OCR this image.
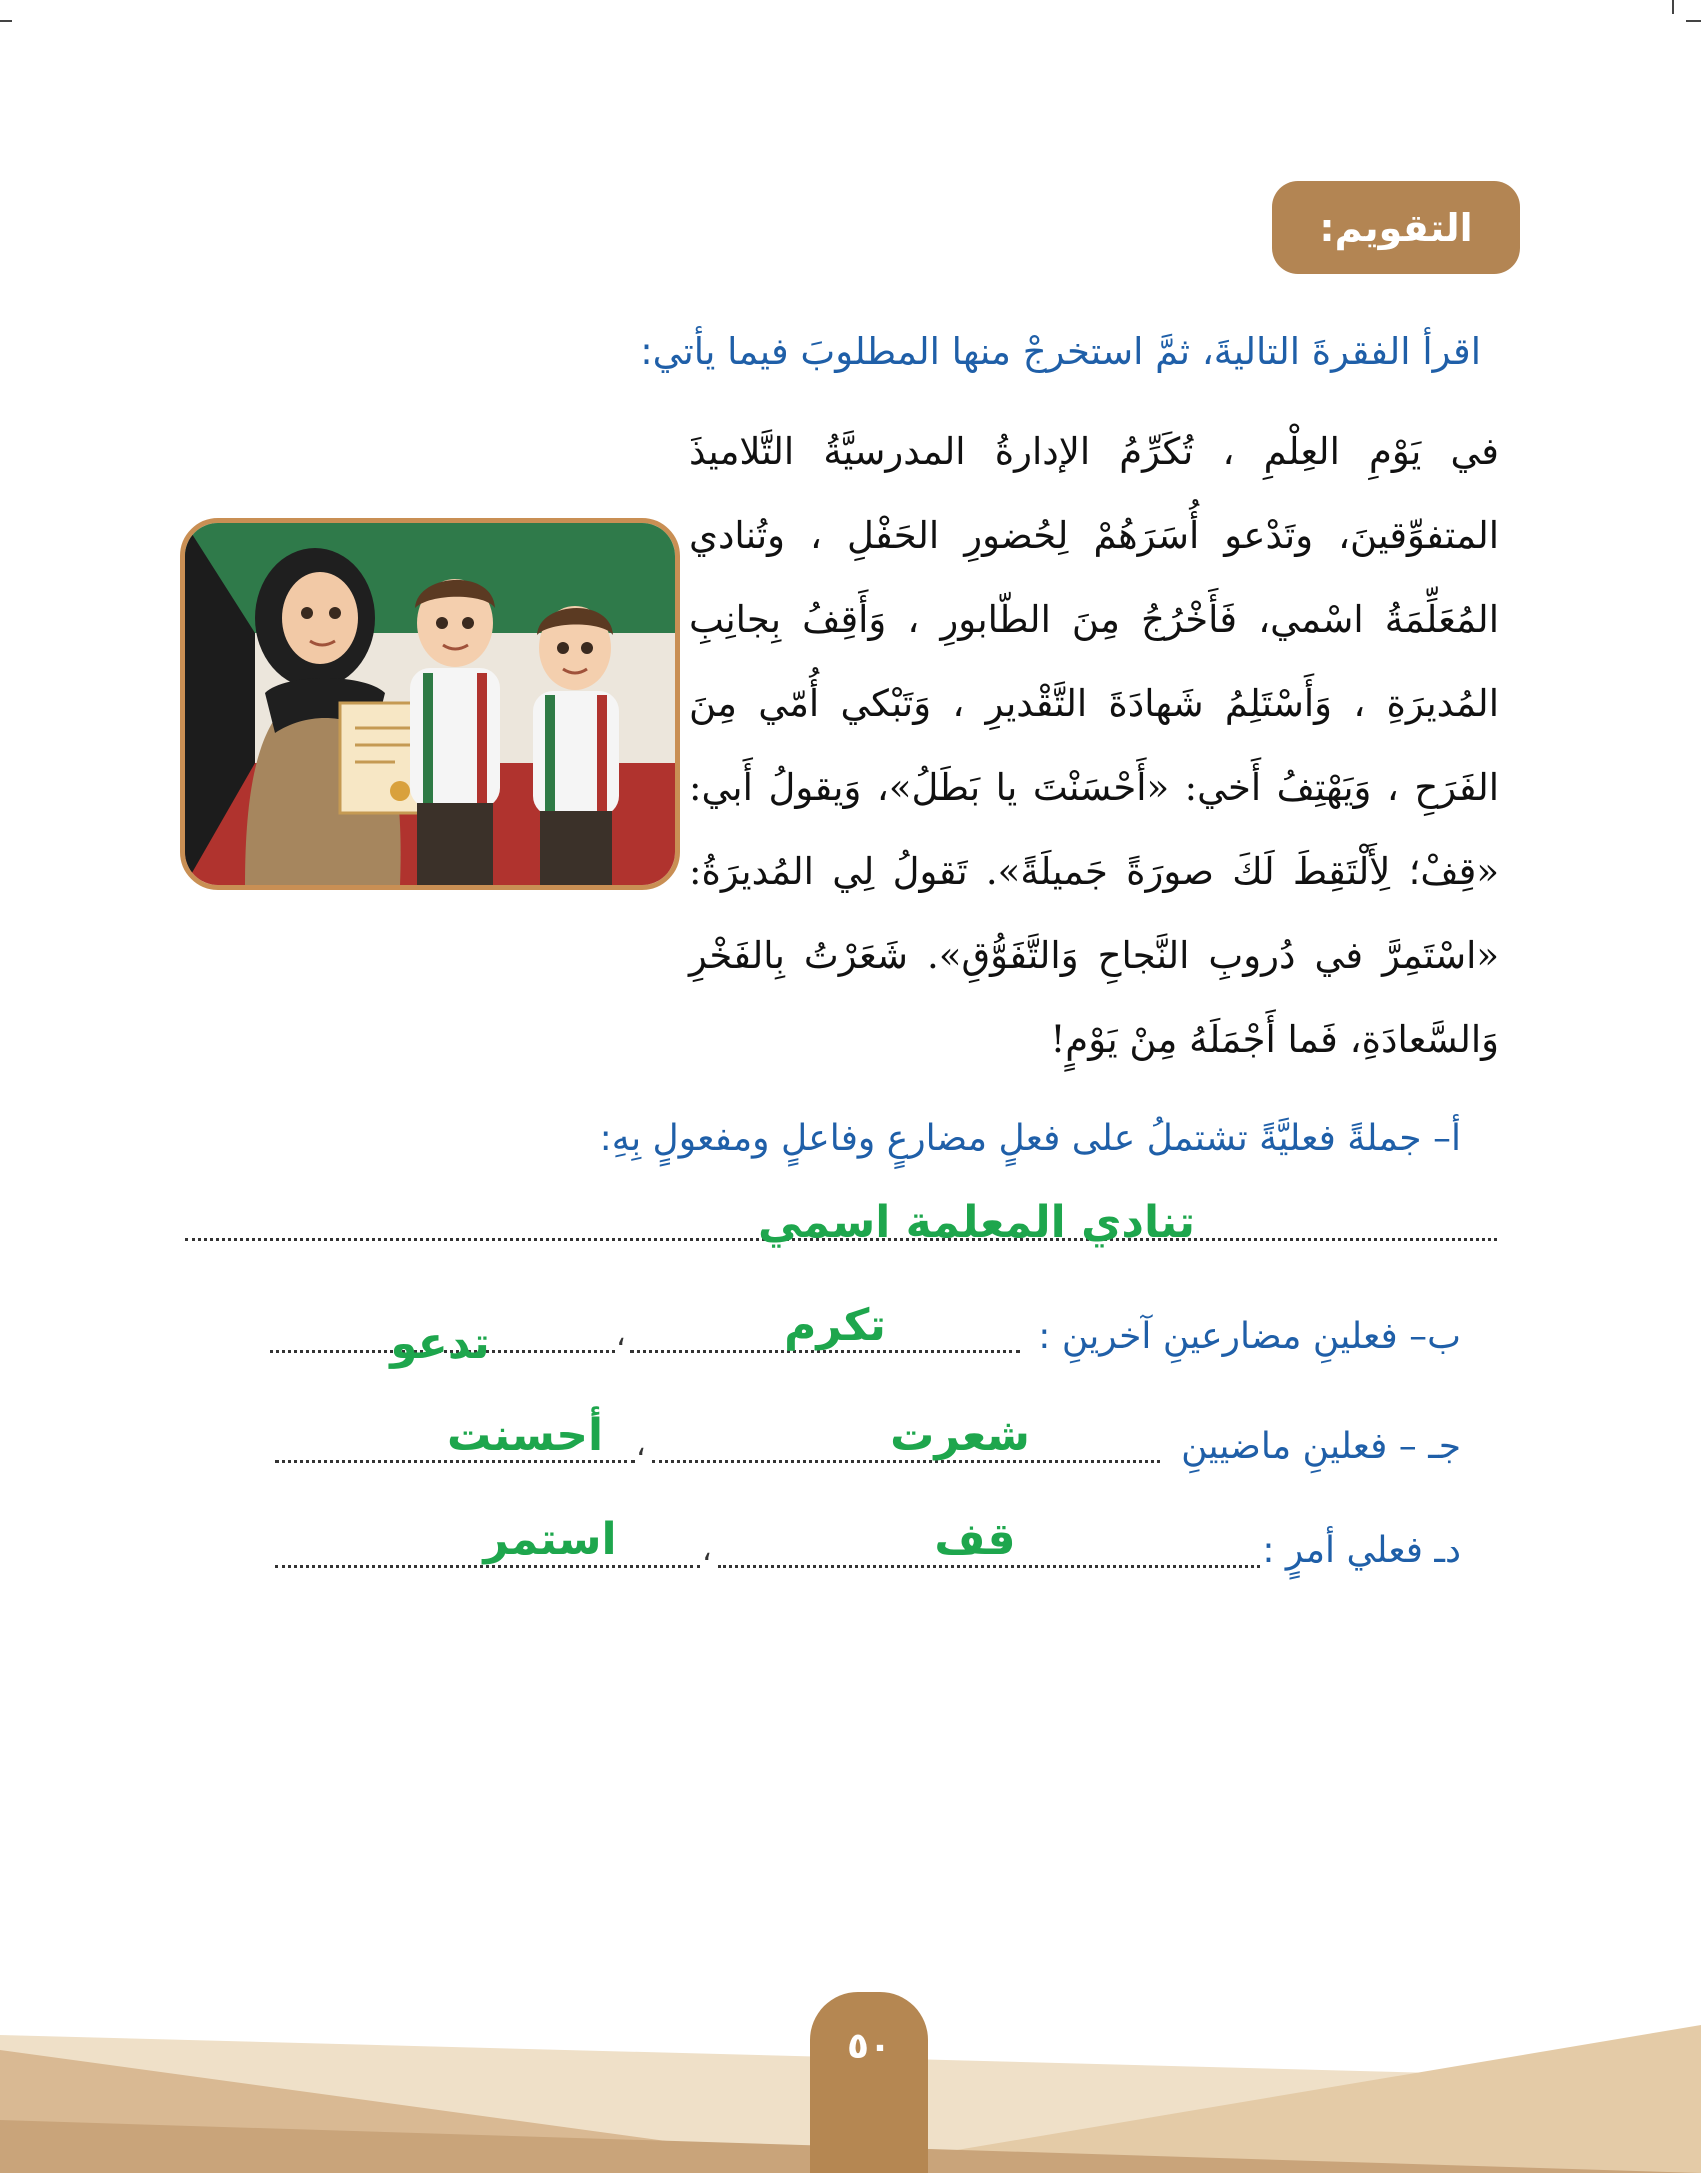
التقويم:
اقرأ الفقرةَ التاليةَ، ثمَّ استخرجْ منها المطلوبَ فيما يأتي:
في يَوْمِ العِلْمِ ، تُكَرِّمُ الإدارةُ المدرسيَّةُ التَّلاميذَ المتفوِّقينَ، وتَدْعو أُسَرَهُمْ لِحُضورِ الحَفْلِ ، وتُنادي المُعَلِّمَةُ اسْمي، فَأَخْرُجُ مِنَ الطّابورِ ، وَأَقِفُ بِجانِبِ المُديرَةِ ، وَأَسْتَلِمُ شَهادَةَ التَّقْديرِ ، وَتَبْكي أُمّي مِنَ الفَرَحِ ، وَيَهْتِفُ أَخي: «أَحْسَنْتَ يا بَطَلُ»، وَيقولُ أَبي: «قِفْ؛ لِأَلْتَقِطَ لَكَ صورَةً جَميلَةً». تَقولُ لِي المُديرَةُ: «اسْتَمِرَّ في دُروبِ النَّجاحِ وَالتَّفَوُّقِ». شَعَرْتُ بِالفَخْرِ وَالسَّعادَةِ، فَما أَجْمَلَهُ مِنْ يَوْمٍ!
أ– جملةً فعليَّةً تشتملُ على فعلٍ مضارعٍ وفاعلٍ ومفعولٍ بِهِ:
تنادي المعلمة اسمي
ب– فعلينِ مضارعينِ آخرينِ :
،	تكرم
تدعو
جـ – فعلينِ ماضيينِ
،	شعرت
أحسنت
دـ فعلي أمرٍ :
،	قف
استمر
٥٠
